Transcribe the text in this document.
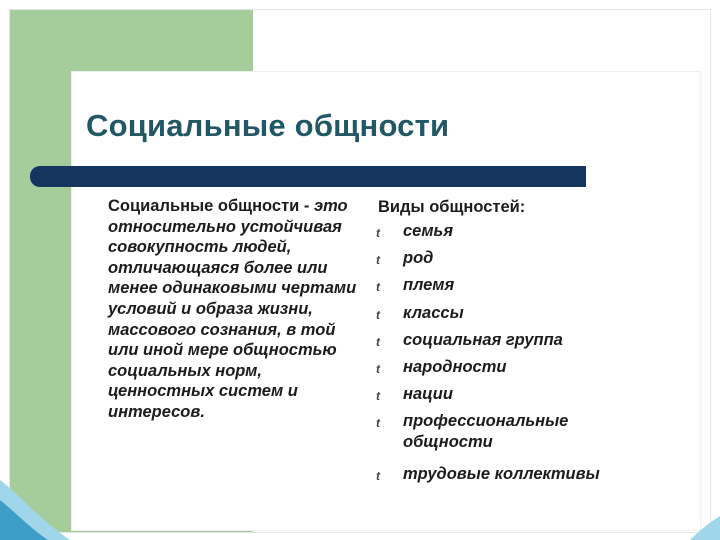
Социальные общности
Социальные общности - это относительно устойчивая совокупность людей, отличающаяся более или менее одинаковыми чертами условий и образа жизни, массового сознания, в той или иной мере общностью социальных норм, ценностных систем и интересов.
Виды общностей:
t	семья
t	род
t	племя
t	классы
t	социальная группа
t	народности
t	нации
t	профессиональные общности
t	трудовые коллективы
